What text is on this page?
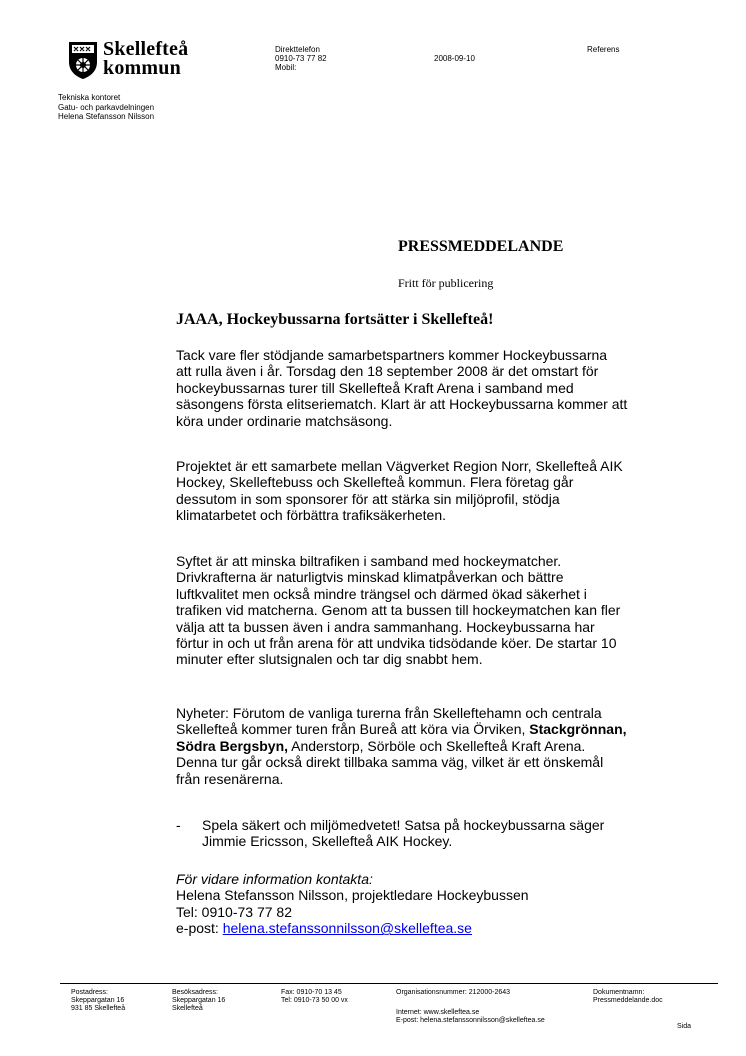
Skellefteå
kommun
Tekniska kontoret
Gatu- och parkavdelningen
Helena Stefansson Nilsson
Direkttelefon
0910-73 77 82
Mobil:
2008-09-10
Referens
PRESSMEDDELANDE
Fritt för publicering
JAAA, Hockeybussarna fortsätter i Skellefteå!
Tack vare fler stödjande samarbetspartners kommer Hockeybussarna
att rulla även i år. Torsdag den 18 september 2008 är det omstart för
hockeybussarnas turer till Skellefteå Kraft Arena i samband med
säsongens första elitseriematch. Klart är att Hockeybussarna kommer att
köra under ordinarie matchsäsong.
Projektet är ett samarbete mellan Vägverket Region Norr, Skellefteå AIK
Hockey, Skelleftebuss och Skellefteå kommun. Flera företag går
dessutom in som sponsorer för att stärka sin miljöprofil, stödja
klimatarbetet och förbättra trafiksäkerheten.
Syftet är att minska biltrafiken i samband med hockeymatcher.
Drivkrafterna är naturligtvis minskad klimatpåverkan och bättre
luftkvalitet men också mindre trängsel och därmed ökad säkerhet i
trafiken vid matcherna. Genom att ta bussen till hockeymatchen kan fler
välja att ta bussen även i andra sammanhang. Hockeybussarna har
förtur in och ut från arena för att undvika tidsödande köer. De startar 10
minuter efter slutsignalen och tar dig snabbt hem.
Nyheter: Förutom de vanliga turerna från Skelleftehamn och centrala
Skellefteå kommer turen från Bureå att köra via Örviken, Stackgrönnan,
Södra Bergsbyn, Anderstorp, Sörböle och Skellefteå Kraft Arena.
Denna tur går också direkt tillbaka samma väg, vilket är ett önskemål
från resenärerna.
-	Spela säkert och miljömedvetet! Satsa på hockeybussarna säger
Jimmie Ericsson, Skellefteå AIK Hockey.
För vidare information kontakta:
Helena Stefansson Nilsson, projektledare Hockeybussen
Tel: 0910-73 77 82
e-post: helena.stefanssonnilsson@skelleftea.se
Postadress:
Skeppargatan 16
931 85 Skellefteå
Besöksadress:
Skeppargatan 16
Skellefteå
Fax: 0910-70 13 45
Tel: 0910-73 50 00 vx
Organisationsnummer: 212000-2643
Internet: www.skelleftea.se
E-post: helena.stefanssonnilsson@skelleftea.se
Dokumentnamn:
Pressmeddelande.doc
Sida
